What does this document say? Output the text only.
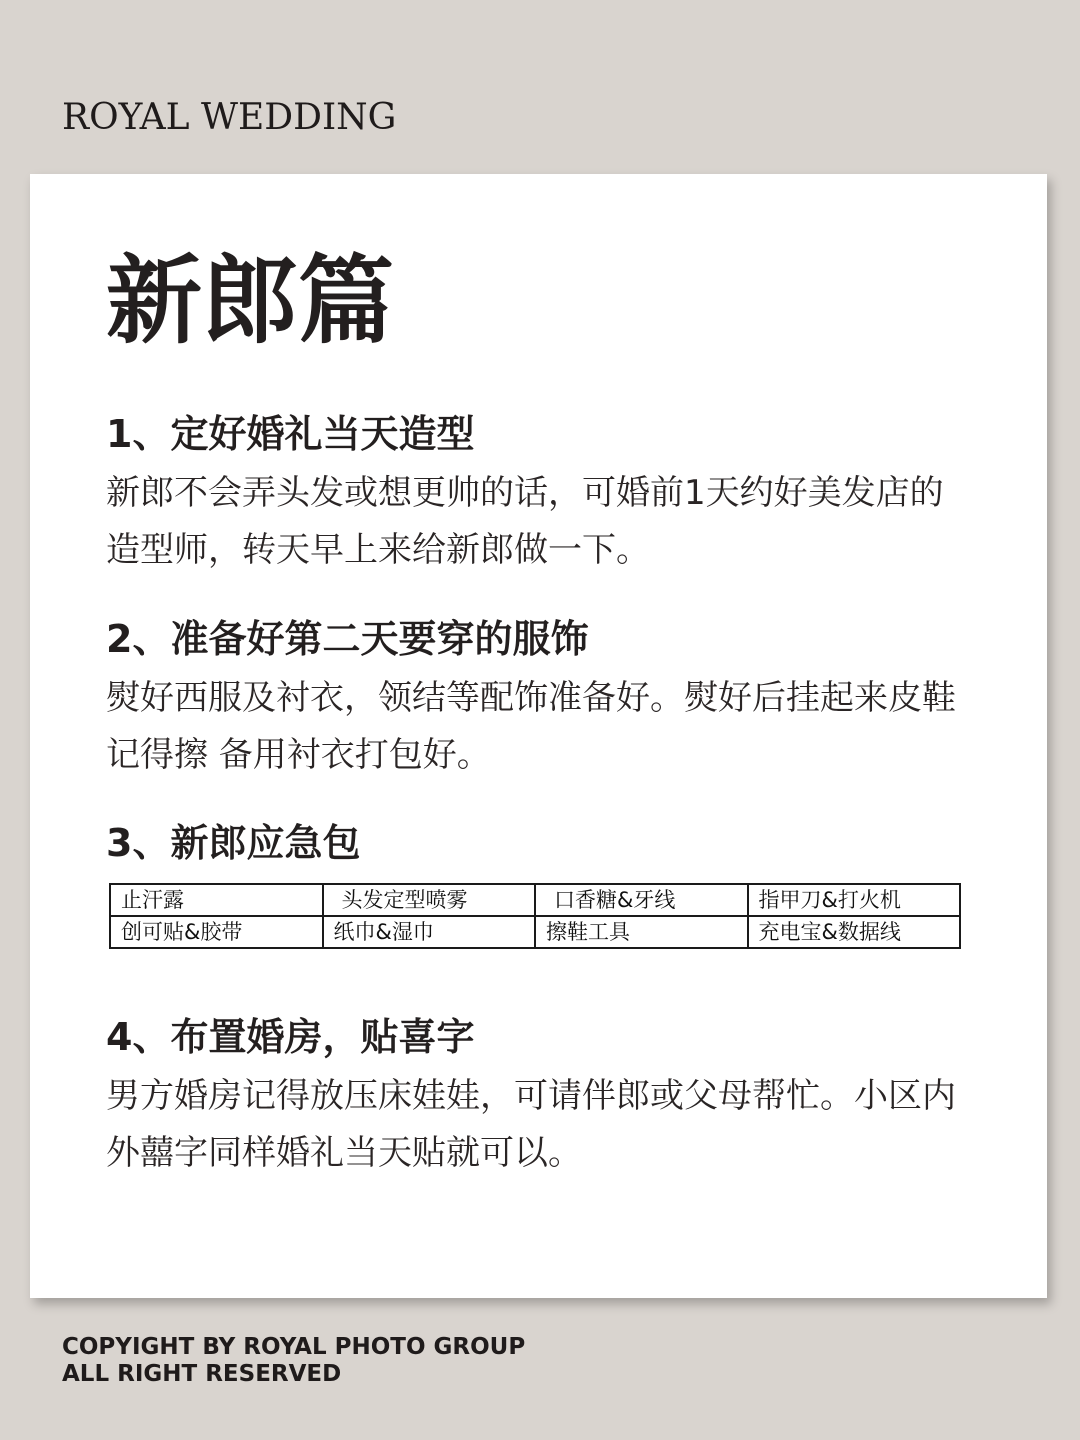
ROYAL WEDDING
新郎篇
1、定好婚礼当天造型
新郎不会弄头发或想更帅的话，可婚前1天约好美发店的造型师，转天早上来给新郎做一下。
2、准备好第二天要穿的服饰
熨好西服及衬衣，领结等配饰准备好。熨好后挂起来皮鞋记得擦 备用衬衣打包好。
3、新郎应急包
止汗露	头发定型喷雾	口香糖&牙线	指甲刀&打火机
创可贴&胶带	纸巾&湿巾	擦鞋工具	充电宝&数据线
4、布置婚房，贴喜字
男方婚房记得放压床娃娃，可请伴郎或父母帮忙。小区内外囍字同样婚礼当天贴就可以。
COPYIGHT BY ROYAL PHOTO GROUP
ALL RIGHT RESERVED
